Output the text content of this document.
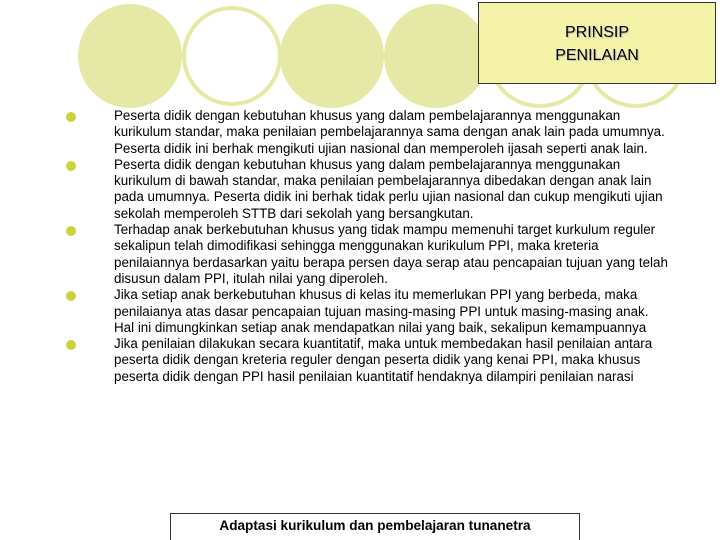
PRINSIP
PENILAIAN
Peserta didik dengan kebutuhan khusus yang dalam pembelajarannya menggunakan kurikulum standar, maka penilaian pembelajarannya sama dengan anak lain pada umumnya. Peserta didik ini berhak mengikuti ujian nasional dan memperoleh ijasah seperti anak lain.
Peserta didik dengan kebutuhan khusus yang dalam pembelajarannya menggunakan kurikulum di bawah standar, maka penilaian pembelajarannya dibedakan dengan anak lain pada umumnya. Peserta didik ini berhak tidak perlu ujian nasional dan cukup mengikuti ujian sekolah memperoleh STTB dari sekolah yang bersangkutan.
Terhadap anak berkebutuhan khusus yang tidak mampu memenuhi target kurkulum reguler sekalipun telah dimodifikasi sehingga menggunakan kurikulum PPI, maka kreteria penilaiannya berdasarkan yaitu berapa persen daya serap atau pencapaian tujuan yang telah disusun dalam PPI, itulah nilai yang diperoleh.
Jika setiap anak berkebutuhan khusus di kelas itu memerlukan PPI yang berbeda, maka penilaianya atas dasar pencapaian tujuan masing-masing PPI untuk masing-masing anak. Hal ini dimungkinkan setiap anak mendapatkan nilai yang baik, sekalipun kemampuannya
Jika penilaian dilakukan secara kuantitatif, maka untuk membedakan hasil penilaian antara peserta didik dengan kreteria reguler dengan peserta didik yang kenai PPI, maka khusus peserta didik dengan PPI hasil penilaian kuantitatif hendaknya dilampiri penilaian narasi
Adaptasi kurikulum dan pembelajaran tunanetra
